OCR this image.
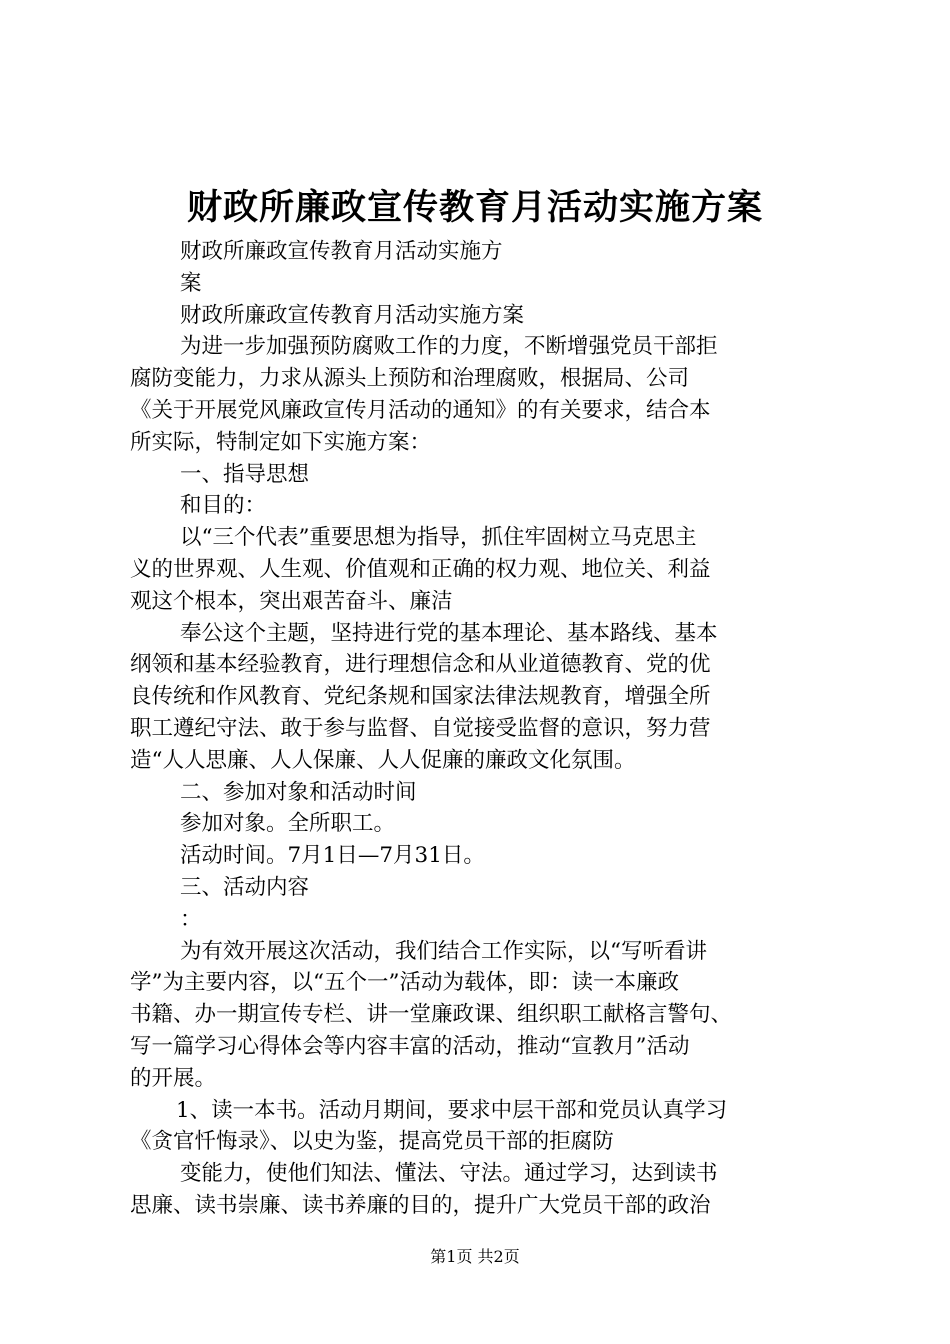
财政所廉政宣传教育月活动实施方案

财政所廉政宣传教育月活动实施方

案

财政所廉政宣传教育月活动实施方案

为进一步加强预防腐败工作的力度，不断增强党员干部拒

腐防变能力，力求从源头上预防和治理腐败，根据局、公司

《关于开展党风廉政宣传月活动的通知》的有关要求，结合本

所实际，特制定如下实施方案：

一、指导思想

和目的：

以“三个代表”重要思想为指导，抓住牢固树立马克思主

义的世界观、人生观、价值观和正确的权力观、地位关、利益

观这个根本，突出艰苦奋斗、廉洁

奉公这个主题，坚持进行党的基本理论、基本路线、基本

纲领和基本经验教育，进行理想信念和从业道德教育、党的优

良传统和作风教育、党纪条规和国家法律法规教育，增强全所

职工遵纪守法、敢于参与监督、自觉接受监督的意识，努力营

造“人人思廉、人人保廉、人人促廉的廉政文化氛围。

二、参加对象和活动时间

参加对象。全所职工。

活动时间。7月1日—7月31日。

三、活动内容

：

为有效开展这次活动，我们结合工作实际，以“写听看讲

学”为主要内容，以“五个一”活动为载体，即：读一本廉政

书籍、办一期宣传专栏、讲一堂廉政课、组织职工献格言警句、

写一篇学习心得体会等内容丰富的活动，推动“宣教月”活动

的开展。

1、读一本书。活动月期间，要求中层干部和党员认真学习

《贪官忏悔录》、以史为鉴，提高党员干部的拒腐防

变能力，使他们知法、懂法、守法。通过学习，达到读书

思廉、读书崇廉、读书养廉的目的，提升广大党员干部的政治

第1页 共2页
